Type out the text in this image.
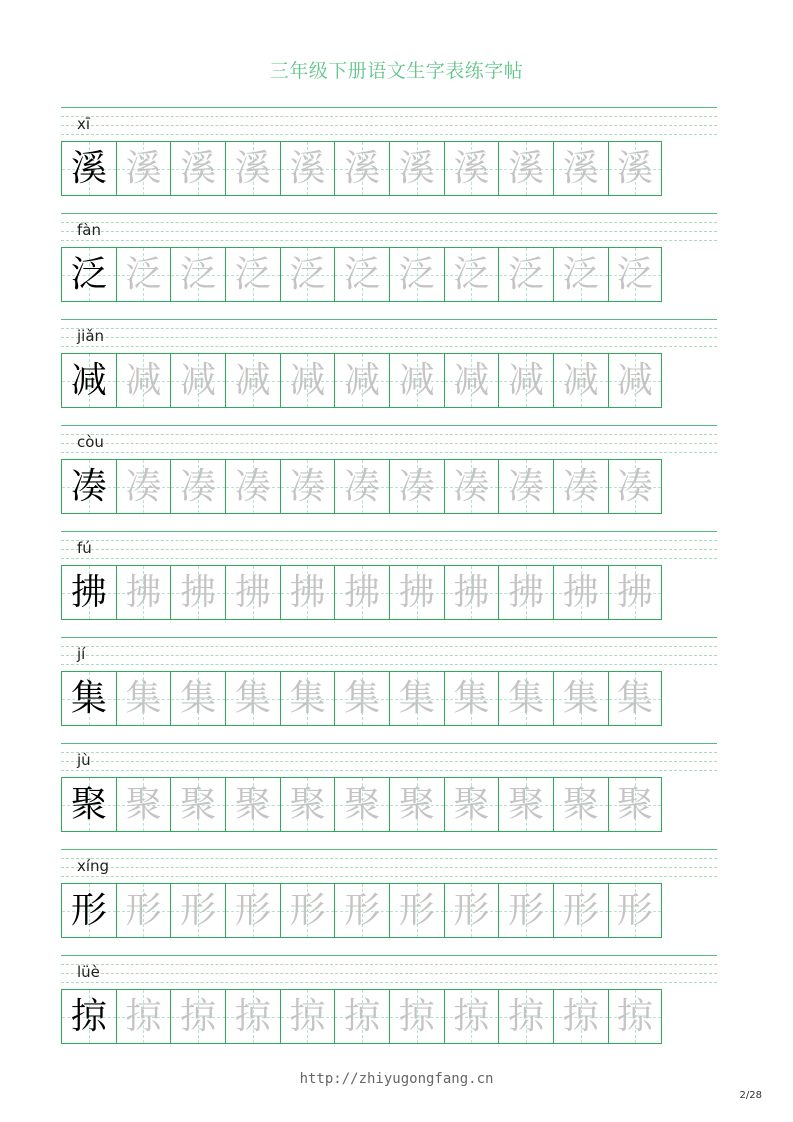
三年级下册语文生字表练字帖
xī
溪 溪 溪 溪 溪 溪 溪 溪 溪 溪 溪
fàn
泛 泛 泛 泛 泛 泛 泛 泛 泛 泛 泛
jiǎn
减 减 减 减 减 减 减 减 减 减 减
còu
凑 凑 凑 凑 凑 凑 凑 凑 凑 凑 凑
fú
拂 拂 拂 拂 拂 拂 拂 拂 拂 拂 拂
jí
集 集 集 集 集 集 集 集 集 集 集
jù
聚 聚 聚 聚 聚 聚 聚 聚 聚 聚 聚
xíng
形 形 形 形 形 形 形 形 形 形 形
lüè
掠 掠 掠 掠 掠 掠 掠 掠 掠 掠 掠
http://zhiyugongfang.cn
2/28
